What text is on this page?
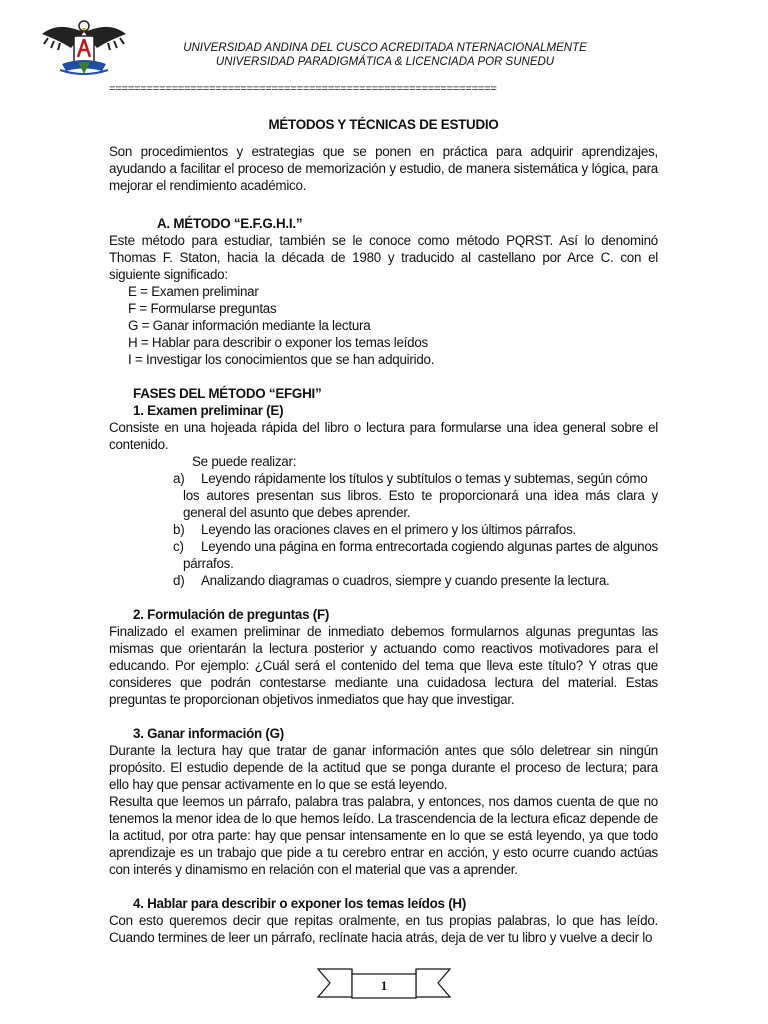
UNIVERSIDAD ANDINA DEL CUSCO ACREDITADA NTERNACIONALMENTE
UNIVERSIDAD PARADIGMÁTICA & LICENCIADA POR SUNEDU
==============================================================

MÉTODOS Y TÉCNICAS DE ESTUDIO

Son procedimientos y estrategias que se ponen en práctica para adquirir aprendizajes, ayudando a facilitar el proceso de memorización y estudio, de manera sistemática y lógica, para mejorar el rendimiento académico.

A. MÉTODO “E.F.G.H.I.”

Este método para estudiar, también se le conoce como método PQRST. Así lo denominó Thomas F. Staton, hacia la década de 1980 y traducido al castellano por Arce C. con el siguiente significado:

E = Examen preliminar

F = Formularse preguntas

G = Ganar información mediante la lectura

H = Hablar para describir o exponer los temas leídos

I = Investigar los conocimientos que se han adquirido.

FASES DEL MÉTODO “EFGHI”

1. Examen preliminar (E)

Consiste en una hojeada rápida del libro o lectura para formularse una idea general sobre el contenido.

Se puede realizar:

a)	Leyendo rápidamente los títulos y subtítulos o temas y subtemas, según cómo
los autores presentan sus libros. Esto te proporcionará una idea más clara y general del asunto que debes aprender.
b)	Leyendo las oraciones claves en el primero y los últimos párrafos.
c)	Leyendo una página en forma entrecortada cogiendo algunas partes de algunos
párrafos.
d)	Analizando diagramas o cuadros, siempre y cuando presente la lectura.

2. Formulación de preguntas (F)

Finalizado el examen preliminar de inmediato debemos formularnos algunas preguntas las mismas que orientarán la lectura posterior y actuando como reactivos motivadores para el educando. Por ejemplo: ¿Cuál será el contenido del tema que lleva este título? Y otras que consideres que podrán contestarse mediante una cuidadosa lectura del material. Estas preguntas te proporcionan objetivos inmediatos que hay que investigar.

3. Ganar información (G)

Durante la lectura hay que tratar de ganar información antes que sólo deletrear sin ningún propósito. El estudio depende de la actitud que se ponga durante el proceso de lectura; para ello hay que pensar activamente en lo que se está leyendo.

Resulta que leemos un párrafo, palabra tras palabra, y entonces, nos damos cuenta de que no tenemos la menor idea de lo que hemos leído. La trascendencia de la lectura eficaz depende de la actitud, por otra parte: hay que pensar intensamente en lo que se está leyendo, ya que todo aprendizaje es un trabajo que pide a tu cerebro entrar en acción, y esto ocurre cuando actúas con interés y dinamismo en relación con el material que vas a aprender.

4. Hablar para describir o exponer los temas leídos (H)

Con esto queremos decir que repitas oralmente, en tus propias palabras, lo que has leído. Cuando termines de leer un párrafo, reclínate hacia atrás, deja de ver tu libro y vuelve a decir lo

1
